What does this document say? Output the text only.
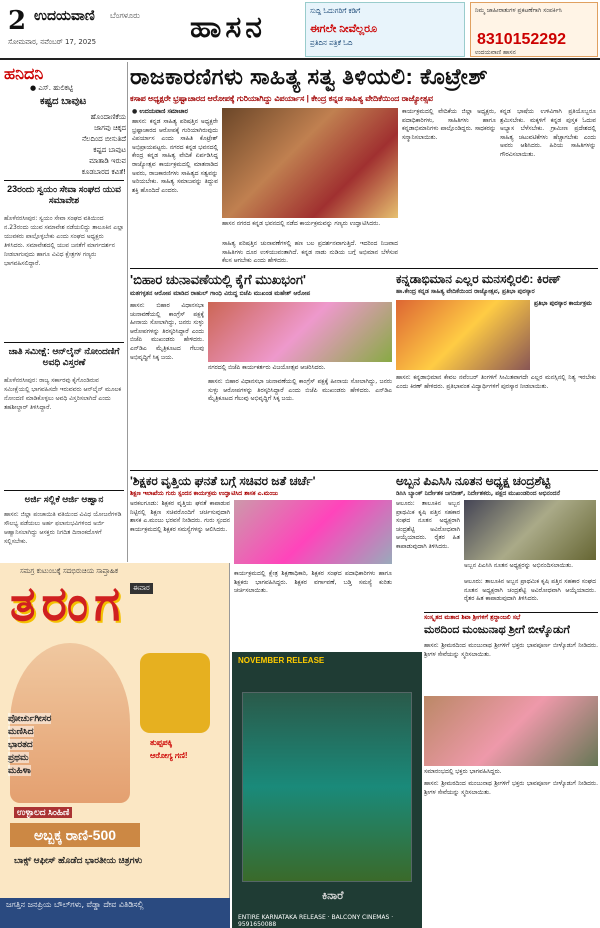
2 ಉದಯವಾಣಿ ಬೆಂಗಳೂರು
ಸೋಮವಾರ, ನವೆಂಬರ್ 17, 2025	ಹಾಸನ	ಸುದ್ದಿ ಓದುಗರಿಗೆ ಕಡಿಗೆ
ಈಗಲೇ ನೀವೆಲ್ಲರೂ
ಪ್ರತಿದಿನ ಪತ್ರಿಕೆ ಓದಿ
ನಿಮ್ಮ ಜಾಹೀರಾತುಗಳ ಪ್ರಕಟಣೆಗಾಗಿ ಸಂಪರ್ಕಿಸಿ
8310152292
ಉದಯವಾಣಿ ಹಾಸನ
ಹನಿದನಿ
● ಎಸ್. ಹುಲಿಕಟ್ಟಿ
ಕಷ್ಟದ ಬಾವುಟ
ಹೊಂದಾಣಿಕೆಯ
ಜಾಗವು ಚಿಕ್ಕದ
ನೆಲದಿಂದ ಬೀಸುತಿದೆ
ಕಷ್ಟದ ಬಾವುಟ
ಮಾತಾಡಿ ಇರುವ
ಕೂಡಬಾರದ ಕವಿತೆ!
23ರಂದು ಸ್ವಯಂ ಸೇವಾ ಸಂಘದ ಯುವ ಸಮಾವೇಶ
ಹೊಳೆನರಸೀಪುರ: ಸ್ವಯಂ ಸೇವಾ ಸಂಘದ ವತಿಯಿಂದ ನ.23ರಂದು ಯುವ ಸಮಾವೇಶ ನಡೆಯಲಿದ್ದು ತಾಲೂಕಿನ ಎಲ್ಲಾ ಯುವಕರು ಪಾಲ್ಗೊಳ್ಳಬೇಕು ಎಂದು ಸಂಘದ ಅಧ್ಯಕ್ಷರು ತಿಳಿಸಿದರು. ಸಮಾವೇಶದಲ್ಲಿ ಯುವ ಜನತೆಗೆ ಮಾರ್ಗದರ್ಶನ ನೀಡಲಾಗುವುದು ಹಾಗೂ ವಿವಿಧ ಕ್ಷೇತ್ರಗಳ ಗಣ್ಯರು ಭಾಗವಹಿಸಲಿದ್ದಾರೆ.
ಜಾತಿ ಸಮೀಕ್ಷೆ: ಆನ್‌ಲೈನ್ ನೋಂದಣಿಗೆ ಅವಧಿ ವಿಸ್ತರಣೆ
ಹೊಳೆನರಸೀಪುರ: ರಾಜ್ಯ ಸರ್ಕಾರವು ಕೈಗೊಂಡಿರುವ ಸಮೀಕ್ಷೆಯಲ್ಲಿ ಭಾಗವಹಿಸದೇ ಇರುವವರು ಆನ್‌ಲೈನ್ ಮೂಲಕ ನೋಂದಣಿ ಮಾಡಿಕೊಳ್ಳಲು ಅವಧಿ ವಿಸ್ತರಿಸಲಾಗಿದೆ ಎಂದು ತಹಶೀಲ್ದಾರ್ ತಿಳಿಸಿದ್ದಾರೆ.
ಅರ್ಜಿ ಸಲ್ಲಿಕೆ ಆರ್ಜಿ ಆಹ್ವಾನ
ಹಾಸನ: ಜಿಲ್ಲಾ ಪಂಚಾಯಿತಿ ವತಿಯಿಂದ ವಿವಿಧ ಯೋಜನೆಗಳಡಿ ಸೌಲಭ್ಯ ಪಡೆಯಲು ಅರ್ಹ ಫಲಾನುಭವಿಗಳಿಂದ ಅರ್ಜಿ ಆಹ್ವಾನಿಸಲಾಗಿದ್ದು ಆಸಕ್ತರು ನಿಗದಿತ ದಿನಾಂಕದೊಳಗೆ ಸಲ್ಲಿಸಬೇಕು.
ಸಮಗ್ರ ಕುಟುಂಬಕ್ಕೆ ಸದಭಿರುಚಿಯ ಸಾಪ್ತಾಹಿಕ
ತರಂಗ ಈವಾರ
ಪೋರ್ಚುಗೀಸರ
ಮಣಿಸಿದ
ಭಾರತದ
ಪ್ರಥಮ
ಮಹಿಳಾ
ತುಪ್ಪಪಕ್ಕಿ
ಆರೋಗ್ಯ ಗಣಿ!
ಉಳ್ಳಾಲದ ಸಿಂಹಿಣಿ
ಅಬ್ಬಕ್ಕ ರಾಣಿ-500
ಬಾಕ್ಸ್ ಆಫೀಸ್ ಹೊಡೆದ ಭಾರತೀಯ ಚಿತ್ರಗಳು
ಜಗತ್ತಿನ ಜನಪ್ರಿಯ ಬೌಲ್‌ಗಳು, ವೆಡ್ಡಾ ದೇವ ವಿತಿಡಿಸಲ್ಲಿ
ರಾಜಕಾರಣಿಗಳು ಸಾಹಿತ್ಯ ಸತ್ವ ತಿಳಿಯಲಿ: ಕೊಟ್ರೇಶ್
ಕಸಾಪ ಅಧ್ಯಕ್ಷರೇ ಭ್ರಷ್ಟಾಚಾರದ ಆರೋಪಕ್ಕೆ ಗುರಿಯಾಗಿದ್ದು ವಿಪರ್ಯಾಸ | ಕೇಂದ್ರ ಕನ್ನಡ ಸಾಹಿತ್ಯ ವೇದಿಕೆಯಿಂದ ರಾಜ್ಯೋತ್ಸವ
● ಉದಯವಾಣಿ ಸಮಾಚಾರ
ಹಾಸನ: ಕನ್ನಡ ಸಾಹಿತ್ಯ ಪರಿಷತ್ತಿನ ಅಧ್ಯಕ್ಷರೇ ಭ್ರಷ್ಟಾಚಾರದ ಆರೋಪಕ್ಕೆ ಗುರಿಯಾಗಿರುವುದು ವಿಪರ್ಯಾಸ ಎಂದು ಸಾಹಿತಿ ಕೊಟ್ರೇಶ್ ಅಭಿಪ್ರಾಯಪಟ್ಟರು. ನಗರದ ಕನ್ನಡ ಭವನದಲ್ಲಿ ಕೇಂದ್ರ ಕನ್ನಡ ಸಾಹಿತ್ಯ ವೇದಿಕೆ ಏರ್ಪಡಿಸಿದ್ದ ರಾಜ್ಯೋತ್ಸವ ಕಾರ್ಯಕ್ರಮದಲ್ಲಿ ಮಾತನಾಡಿದ ಅವರು, ರಾಜಕಾರಣಿಗಳು ಸಾಹಿತ್ಯದ ಸತ್ವವನ್ನು ಅರಿಯಬೇಕು. ಸಾಹಿತ್ಯ ಸಮಾಜವನ್ನು ತಿದ್ದುವ ಶಕ್ತಿ ಹೊಂದಿದೆ ಎಂದರು.
ಹಾಸನ ನಗರದ ಕನ್ನಡ ಭವನದಲ್ಲಿ ನಡೆದ ಕಾರ್ಯಕ್ರಮವನ್ನು ಗಣ್ಯರು ಉದ್ಘಾಟಿಸಿದರು.
ಸಾಹಿತ್ಯ ಪರಿಷತ್ತಿನ ಚುನಾವಣೆಗಳಲ್ಲಿ ಹಣ ಬಲ ಪ್ರದರ್ಶನವಾಗುತ್ತಿದೆ. ಇದರಿಂದ ನಿಜವಾದ ಸಾಹಿತಿಗಳು ದೂರ ಉಳಿಯುವಂತಾಗಿದೆ. ಕನ್ನಡ ನಾಡು ನುಡಿಯ ಬಗ್ಗೆ ಅಭಿಮಾನ ಬೆಳೆಸುವ ಕೆಲಸ ಆಗಬೇಕು ಎಂದು ಹೇಳಿದರು.
ಕಾರ್ಯಕ್ರಮದಲ್ಲಿ ವೇದಿಕೆಯ ಜಿಲ್ಲಾ ಅಧ್ಯಕ್ಷರು, ಪದಾಧಿಕಾರಿಗಳು, ಸಾಹಿತಿಗಳು ಹಾಗೂ ಕನ್ನಡಾಭಿಮಾನಿಗಳು ಪಾಲ್ಗೊಂಡಿದ್ದರು. ಸಾಧಕರನ್ನು ಸನ್ಮಾನಿಸಲಾಯಿತು.
ಕನ್ನಡ ಭಾಷೆಯ ಉಳಿವಿಗಾಗಿ ಪ್ರತಿಯೊಬ್ಬರೂ ಶ್ರಮಿಸಬೇಕು. ಮಕ್ಕಳಿಗೆ ಕನ್ನಡ ಪುಸ್ತಕ ಓದುವ ಅಭ್ಯಾಸ ಬೆಳೆಸಬೇಕು. ಗ್ರಾಮೀಣ ಪ್ರದೇಶದಲ್ಲಿ ಸಾಹಿತ್ಯ ಚಟುವಟಿಕೆಗಳು ಹೆಚ್ಚಾಗಬೇಕು ಎಂದು ಅವರು ಆಶಿಸಿದರು. ಹಿರಿಯ ಸಾಹಿತಿಗಳನ್ನು ಗೌರವಿಸಲಾಯಿತು.
'ಬಿಹಾರ ಚುನಾವಣೆಯಲ್ಲಿ ಕೈಗೆ ಮುಖಭಂಗ'
ಮತಗಳ್ಳತನ ಆರೋಪ ಮಾಡಿದ ರಾಹುಲ್ ಗಾಂಧಿ ವಿರುದ್ಧ ಬಿಜೆಪಿ ಮುಖಂಡ ಮಹೇಶ್ ಆರೋಪ
ಹಾಸನ: ಬಿಹಾರ ವಿಧಾನಸಭಾ ಚುನಾವಣೆಯಲ್ಲಿ ಕಾಂಗ್ರೆಸ್ ಪಕ್ಷಕ್ಕೆ ಹೀನಾಯ ಸೋಲಾಗಿದ್ದು, ಜನರು ಸುಳ್ಳು ಆರೋಪಗಳನ್ನು ತಿರಸ್ಕರಿಸಿದ್ದಾರೆ ಎಂದು ಬಿಜೆಪಿ ಮುಖಂಡರು ಹೇಳಿದರು. ಎನ್‌ಡಿಎ ಮೈತ್ರಿಕೂಟದ ಗೆಲುವು ಅಭಿವೃದ್ಧಿಗೆ ಸಿಕ್ಕ ಜಯ.
ನಗರದಲ್ಲಿ ಬಿಜೆಪಿ ಕಾರ್ಯಕರ್ತರು ವಿಜಯೋತ್ಸವ ಆಚರಿಸಿದರು.
ಹಾಸನ: ಬಿಹಾರ ವಿಧಾನಸಭಾ ಚುನಾವಣೆಯಲ್ಲಿ ಕಾಂಗ್ರೆಸ್ ಪಕ್ಷಕ್ಕೆ ಹೀನಾಯ ಸೋಲಾಗಿದ್ದು, ಜನರು ಸುಳ್ಳು ಆರೋಪಗಳನ್ನು ತಿರಸ್ಕರಿಸಿದ್ದಾರೆ ಎಂದು ಬಿಜೆಪಿ ಮುಖಂಡರು ಹೇಳಿದರು. ಎನ್‌ಡಿಎ ಮೈತ್ರಿಕೂಟದ ಗೆಲುವು ಅಭಿವೃದ್ಧಿಗೆ ಸಿಕ್ಕ ಜಯ.
ಕನ್ನಡಾಭಿಮಾನ ಎಲ್ಲರ ಮನಸಲ್ಲಿರಲಿ: ಕಿರಣ್
ಹಾ.ಕೇಂದ್ರ ಕನ್ನಡ ಸಾಹಿತ್ಯ ವೇದಿಕೆಯಿಂದ ರಾಜ್ಯೋತ್ಸವ, ಪ್ರತಿಭಾ ಪುರಸ್ಕಾರ
ಪ್ರತಿಭಾ ಪುರಸ್ಕಾರ ಕಾರ್ಯಕ್ರಮ
ಹಾಸನ: ಕನ್ನಡಾಭಿಮಾನ ಕೇವಲ ನವೆಂಬರ್ ತಿಂಗಳಿಗೆ ಸೀಮಿತವಾಗದೇ ಎಲ್ಲರ ಮನಸ್ಸಿನಲ್ಲಿ ನಿತ್ಯ ಇರಬೇಕು ಎಂದು ಕಿರಣ್ ಹೇಳಿದರು. ಪ್ರತಿಭಾವಂತ ವಿದ್ಯಾರ್ಥಿಗಳಿಗೆ ಪುರಸ್ಕಾರ ನೀಡಲಾಯಿತು.
'ಶಿಕ್ಷಕರ ವೃತ್ತಿಯ ಘನತೆ ಬಗ್ಗೆ ಸಚಿವರ ಜತೆ ಚರ್ಚೆ'
ಶಿಕ್ಷಣ ಇಲಾಖೆಯ ಗುರು ಸ್ಪಂದನ ಕಾರ್ಯಕ್ರಮ ಉದ್ಘಾಟಿಸಿದ ಶಾಸಕ ಎ.ಮಂಜು
ಅರಕಲಗೂಡು: ಶಿಕ್ಷಕರ ವೃತ್ತಿಯ ಘನತೆ ಕಾಪಾಡುವ ನಿಟ್ಟಿನಲ್ಲಿ ಶಿಕ್ಷಣ ಸಚಿವರೊಂದಿಗೆ ಚರ್ಚಿಸುವುದಾಗಿ ಶಾಸಕ ಎ.ಮಂಜು ಭರವಸೆ ನೀಡಿದರು. ಗುರು ಸ್ಪಂದನ ಕಾರ್ಯಕ್ರಮದಲ್ಲಿ ಶಿಕ್ಷಕರ ಸಮಸ್ಯೆಗಳನ್ನು ಆಲಿಸಿದರು.
ಕಾರ್ಯಕ್ರಮದಲ್ಲಿ ಕ್ಷೇತ್ರ ಶಿಕ್ಷಣಾಧಿಕಾರಿ, ಶಿಕ್ಷಕರ ಸಂಘದ ಪದಾಧಿಕಾರಿಗಳು ಹಾಗೂ ಶಿಕ್ಷಕರು ಭಾಗವಹಿಸಿದ್ದರು. ಶಿಕ್ಷಕರ ವರ್ಗಾವಣೆ, ಬಡ್ತಿ ಸಮಸ್ಯೆ ಕುರಿತು ಚರ್ಚಿಸಲಾಯಿತು.
ಅಬ್ಬನ ಪಿಎಸಿಸಿ ನೂತನ ಅಧ್ಯಕ್ಷ ಚಂದ್ರಶೆಟ್ಟಿ
ಡಿಸಿಸಿ ಬ್ಯಾಂಕ್ ನಿರ್ದೇಶಕ ಜಗದೀಶ್, ನಿರ್ದೇಶಕರು, ಪಕ್ಷದ ಮುಖಂಡರಿಂದ ಅಭಿನಂದನೆ
ಆಲೂರು: ತಾಲೂಕಿನ ಅಬ್ಬನ ಪ್ರಾಥಮಿಕ ಕೃಷಿ ಪತ್ತಿನ ಸಹಕಾರ ಸಂಘದ ನೂತನ ಅಧ್ಯಕ್ಷರಾಗಿ ಚಂದ್ರಶೆಟ್ಟಿ ಅವಿರೋಧವಾಗಿ ಆಯ್ಕೆಯಾದರು. ರೈತರ ಹಿತ ಕಾಪಾಡುವುದಾಗಿ ತಿಳಿಸಿದರು.
ಅಬ್ಬನ ಪಿಎಸಿಸಿ ನೂತನ ಅಧ್ಯಕ್ಷರನ್ನು ಅಭಿನಂದಿಸಲಾಯಿತು.
ಆಲೂರು: ತಾಲೂಕಿನ ಅಬ್ಬನ ಪ್ರಾಥಮಿಕ ಕೃಷಿ ಪತ್ತಿನ ಸಹಕಾರ ಸಂಘದ ನೂತನ ಅಧ್ಯಕ್ಷರಾಗಿ ಚಂದ್ರಶೆಟ್ಟಿ ಅವಿರೋಧವಾಗಿ ಆಯ್ಕೆಯಾದರು. ರೈತರ ಹಿತ ಕಾಪಾಡುವುದಾಗಿ ತಿಳಿಸಿದರು.
NOVEMBER RELEASE
ಕಿನಾರೆ
ENTIRE KARNATAKA RELEASE · BALCONY CINEMAS · 9591650088
ಸಂಸ್ಕೃತದ ಮತಾದ ಶಿವಾ ಶ್ರೀಗಳಿಗೆ ಶ್ರದ್ಧಾಂಜಲಿ ಸಭೆ
ಮಠದಿಂದ ಮಂಜುನಾಥ ಶ್ರೀಗೆ ಬೀಳ್ಕೊಡುಗೆ
ಹಾಸನ: ಶ್ರೀಮಠದಿಂದ ಮಂಜುನಾಥ ಶ್ರೀಗಳಿಗೆ ಭಕ್ತರು ಭಾವಪೂರ್ಣ ಬೀಳ್ಕೊಡುಗೆ ನೀಡಿದರು. ಶ್ರೀಗಳ ಸೇವೆಯನ್ನು ಸ್ಮರಿಸಲಾಯಿತು.
ಸಮಾರಂಭದಲ್ಲಿ ಭಕ್ತರು ಭಾಗವಹಿಸಿದ್ದರು.
ಹಾಸನ: ಶ್ರೀಮಠದಿಂದ ಮಂಜುನಾಥ ಶ್ರೀಗಳಿಗೆ ಭಕ್ತರು ಭಾವಪೂರ್ಣ ಬೀಳ್ಕೊಡುಗೆ ನೀಡಿದರು. ಶ್ರೀಗಳ ಸೇವೆಯನ್ನು ಸ್ಮರಿಸಲಾಯಿತು.
